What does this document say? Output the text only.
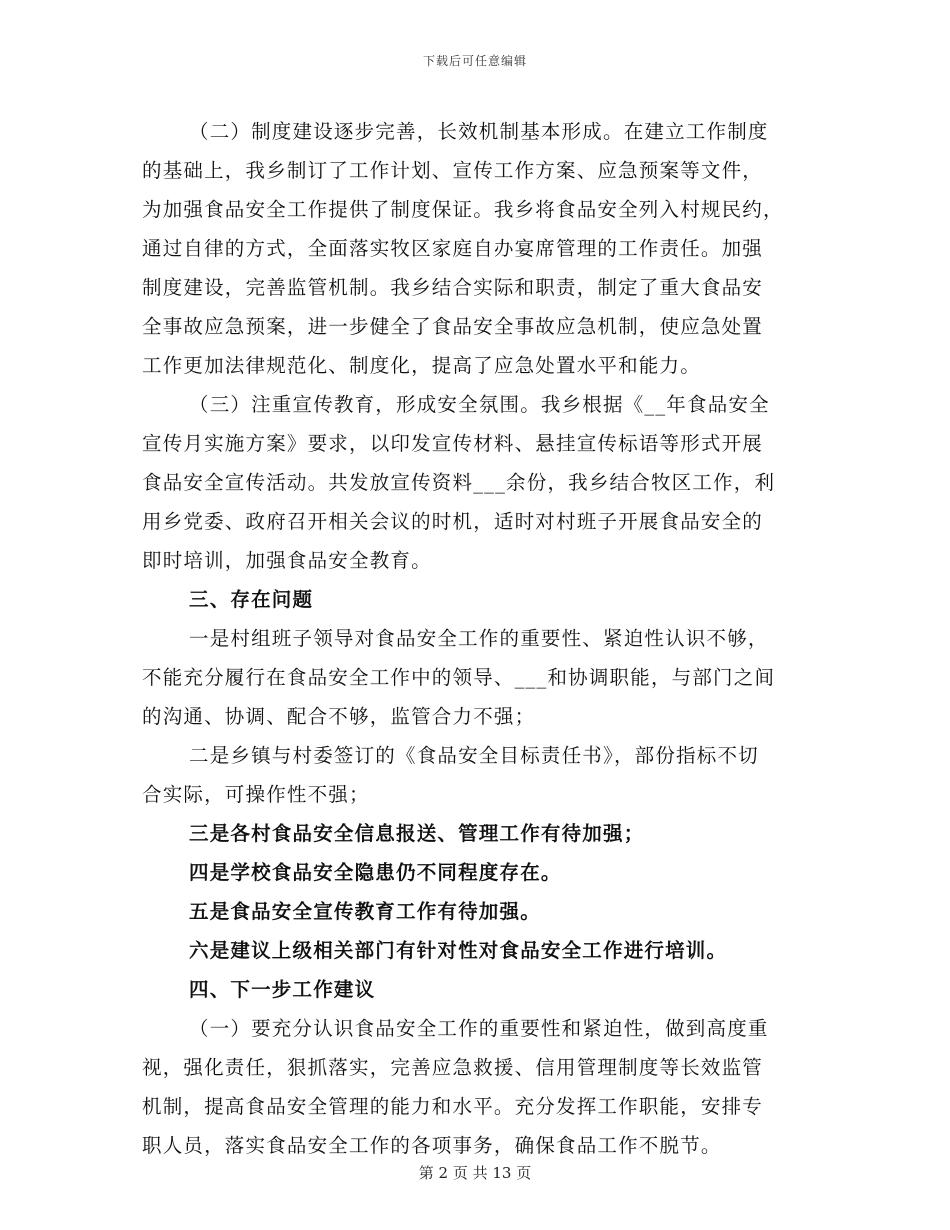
下载后可任意编辑
（二）制度建设逐步完善，长效机制基本形成。在建立工作制度
的基础上，我乡制订了工作计划、宣传工作方案、应急预案等文件，
为加强食品安全工作提供了制度保证。我乡将食品安全列入村规民约，
通过自律的方式，全面落实牧区家庭自办宴席管理的工作责任。加强
制度建设，完善监管机制。我乡结合实际和职责，制定了重大食品安
全事故应急预案，进一步健全了食品安全事故应急机制，使应急处置
工作更加法律规范化、制度化，提高了应急处置水平和能力。
（三）注重宣传教育，形成安全氛围。我乡根据《__年食品安全
宣传月实施方案》要求，以印发宣传材料、悬挂宣传标语等形式开展
食品安全宣传活动。共发放宣传资料___余份，我乡结合牧区工作，利
用乡党委、政府召开相关会议的时机，适时对村班子开展食品安全的
即时培训，加强食品安全教育。
三、存在问题
一是村组班子领导对食品安全工作的重要性、紧迫性认识不够，
不能充分履行在食品安全工作中的领导、___和协调职能，与部门之间
的沟通、协调、配合不够，监管合力不强；
二是乡镇与村委签订的《食品安全目标责任书》，部份指标不切
合实际，可操作性不强；
三是各村食品安全信息报送、管理工作有待加强；
四是学校食品安全隐患仍不同程度存在。
五是食品安全宣传教育工作有待加强。
六是建议上级相关部门有针对性对食品安全工作进行培训。
四、下一步工作建议
（一）要充分认识食品安全工作的重要性和紧迫性，做到高度重
视，强化责任，狠抓落实，完善应急救援、信用管理制度等长效监管
机制，提高食品安全管理的能力和水平。充分发挥工作职能，安排专
职人员，落实食品安全工作的各项事务，确保食品工作不脱节。
第 2 页 共 13 页
